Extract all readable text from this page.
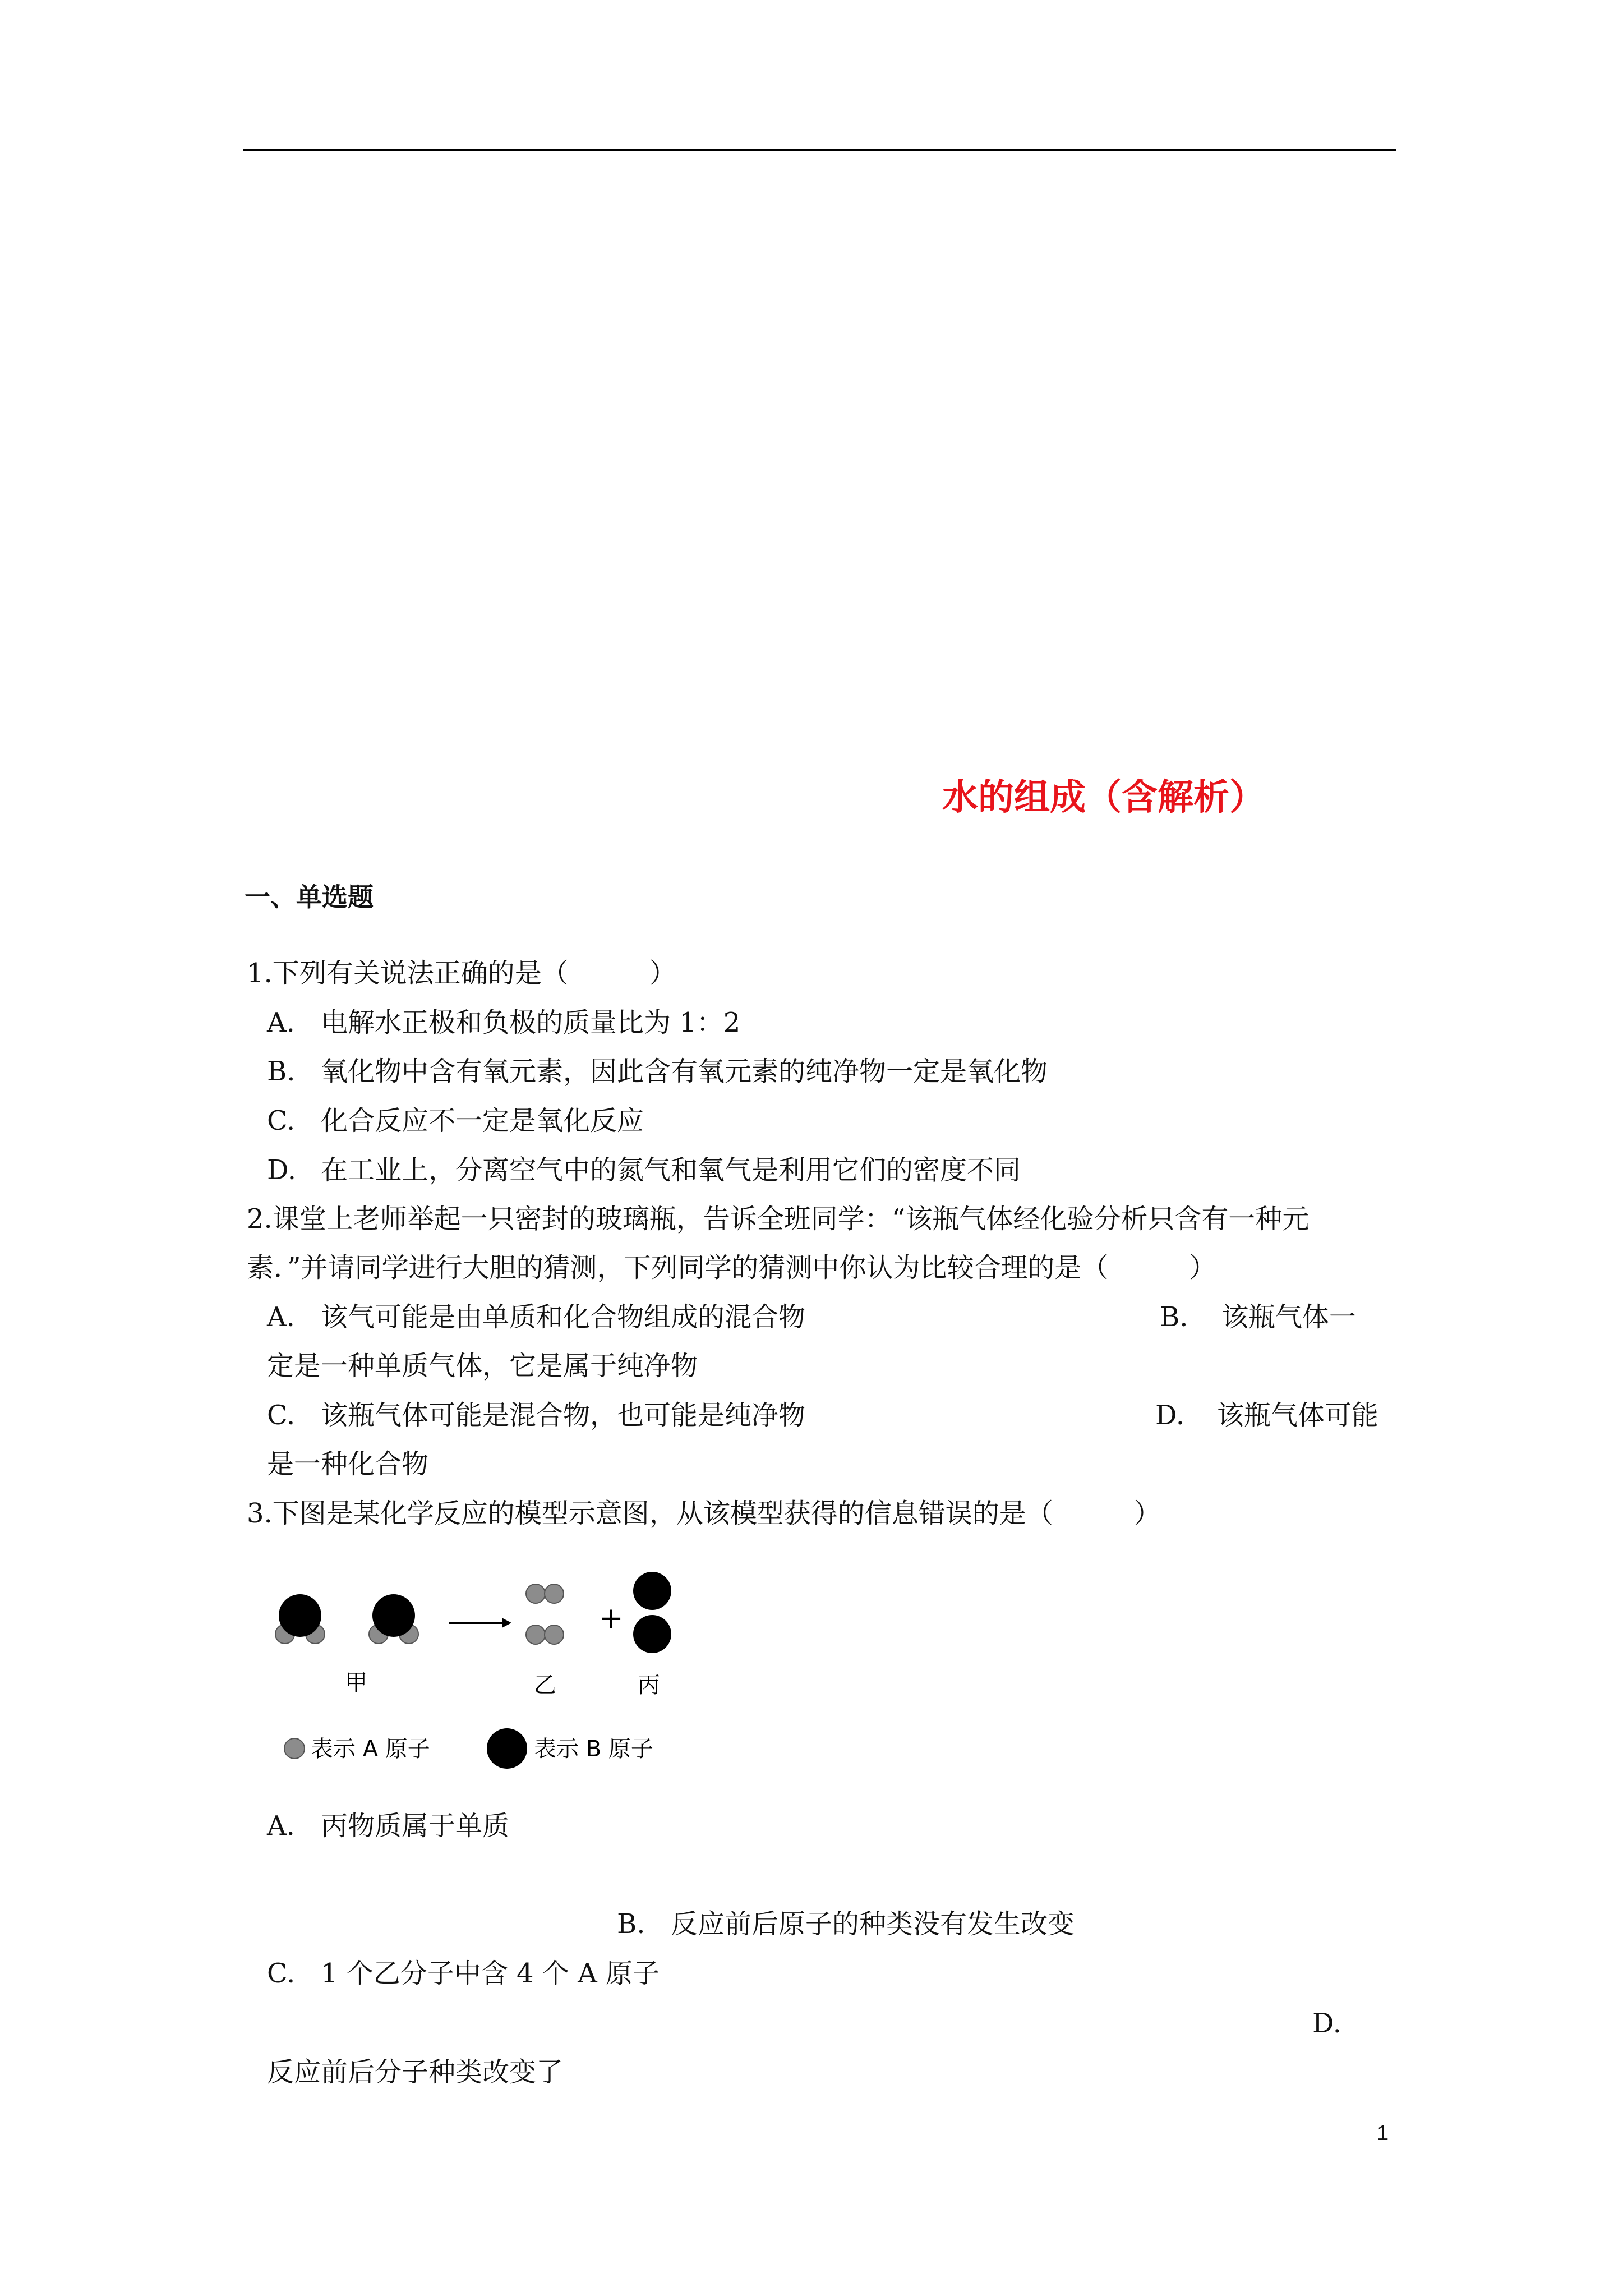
水的组成（含解析）
一、单选题
1.下列有关说法正确的是（　　　）
A. 电解水正极和负极的质量比为 1：2
B. 氧化物中含有氧元素，因此含有氧元素的纯净物一定是氧化物
C. 化合反应不一定是氧化反应
D. 在工业上，分离空气中的氮气和氧气是利用它们的密度不同
2.课堂上老师举起一只密封的玻璃瓶，告诉全班同学：“该瓶气体经化验分析只含有一种元
素．”并请同学进行大胆的猜测，下列同学的猜测中你认为比较合理的是（　　　）
A. 该气可能是由单质和化合物组成的混合物	B. 该瓶气体一
定是一种单质气体，它是属于纯净物
C. 该瓶气体可能是混合物，也可能是纯净物	D. 该瓶气体可能
是一种化合物
3.下图是某化学反应的模型示意图，从该模型获得的信息错误的是（　　　）
+
甲	乙	丙
表示 A 原子	表示 B 原子
A. 丙物质属于单质
B. 反应前后原子的种类没有发生改变
C. 1 个乙分子中含 4 个 A 原子
D.
反应前后分子种类改变了
1
